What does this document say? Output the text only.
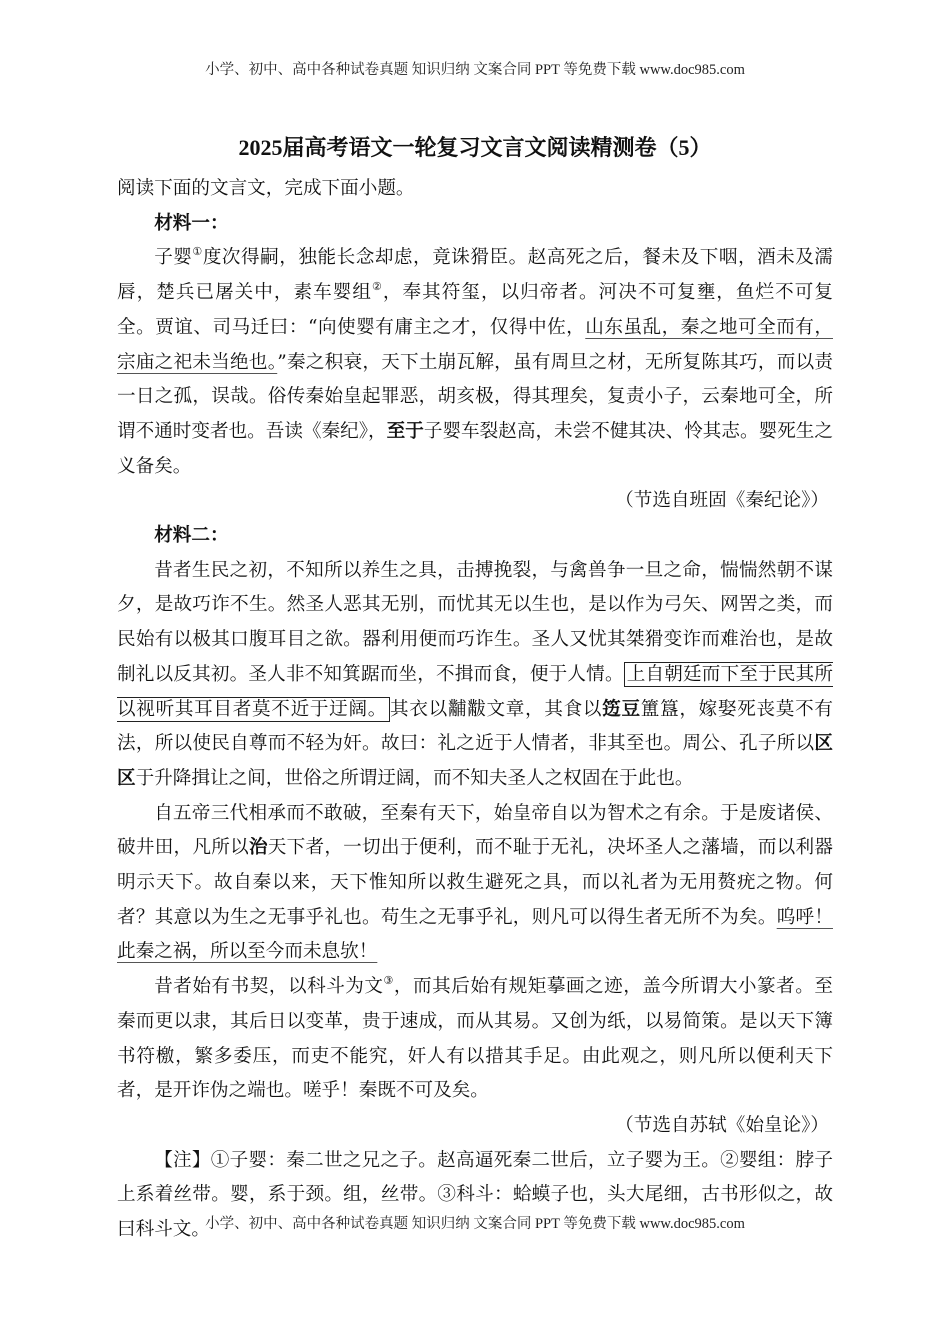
小学、初中、高中各种试卷真题 知识归纳 文案合同 PPT 等免费下载 www.doc985.com
2025届高考语文一轮复习文言文阅读精测卷（5）

阅读下面的文言文，完成下面小题。

材料一：

子婴①度次得嗣，独能长念却虑，竟诛猾臣。赵高死之后，餐未及下咽，酒未及濡唇，楚兵已屠关中，素车婴组②，奉其符玺，以归帝者。河决不可复壅，鱼烂不可复全。贾谊、司马迁曰：“向使婴有庸主之才，仅得中佐，山东虽乱，秦之地可全而有，宗庙之祀未当绝也。”秦之积衰，天下土崩瓦解，虽有周旦之材，无所复陈其巧，而以责一日之孤，误哉。俗传秦始皇起罪恶，胡亥极，得其理矣，复责小子，云秦地可全，所谓不通时变者也。吾读《秦纪》，至于子婴车裂赵高，未尝不健其决、怜其志。婴死生之义备矣。

（节选自班固《秦纪论》）

材料二：

昔者生民之初，不知所以养生之具，击搏挽裂，与禽兽争一旦之命，惴惴然朝不谋夕，是故巧诈不生。然圣人恶其无别，而忧其无以生也，是以作为弓矢、网罟之类，而民始有以极其口腹耳目之欲。器利用便而巧诈生。圣人又忧其桀猾变诈而难治也，是故制礼以反其初。圣人非不知箕踞而坐，不揖而食，便于人情。 上自朝廷而下至于民其所以视听其耳目者莫不近于迂阔。 其衣以黼黻文章，其食以笾豆簠簋，嫁娶死丧莫不有法，所以使民自尊而不轻为奸。故曰：礼之近于人情者，非其至也。周公、孔子所以区区于升降揖让之间，世俗之所谓迂阔，而不知夫圣人之权固在于此也。

自五帝三代相承而不敢破，至秦有天下，始皇帝自以为智术之有余。于是废诸侯、破井田，凡所以治天下者，一切出于便利，而不耻于无礼，决坏圣人之藩墙，而以利器明示天下。故自秦以来，天下惟知所以救生避死之具，而以礼者为无用赘疣之物。何者？其意以为生之无事乎礼也。苟生之无事乎礼，则凡可以得生者无所不为矣。呜呼！此秦之祸，所以至今而未息欤！

昔者始有书契，以科斗为文③，而其后始有规矩摹画之迹，盖今所谓大小篆者。至秦而更以隶，其后日以变革，贵于速成，而从其易。又创为纸，以易简策。是以天下簿书符檄，繁多委压，而吏不能究，奸人有以措其手足。由此观之，则凡所以便利天下者，是开诈伪之端也。嗟乎！秦既不可及矣。

（节选自苏轼《始皇论》）

【注】①子婴：秦二世之兄之子。赵高逼死秦二世后，立子婴为王。②婴组：脖子上系着丝带。婴，系于颈。组，丝带。③科斗：蛤蟆子也，头大尾细，古书形似之，故曰科斗文。

小学、初中、高中各种试卷真题 知识归纳 文案合同 PPT 等免费下载 www.doc985.com
